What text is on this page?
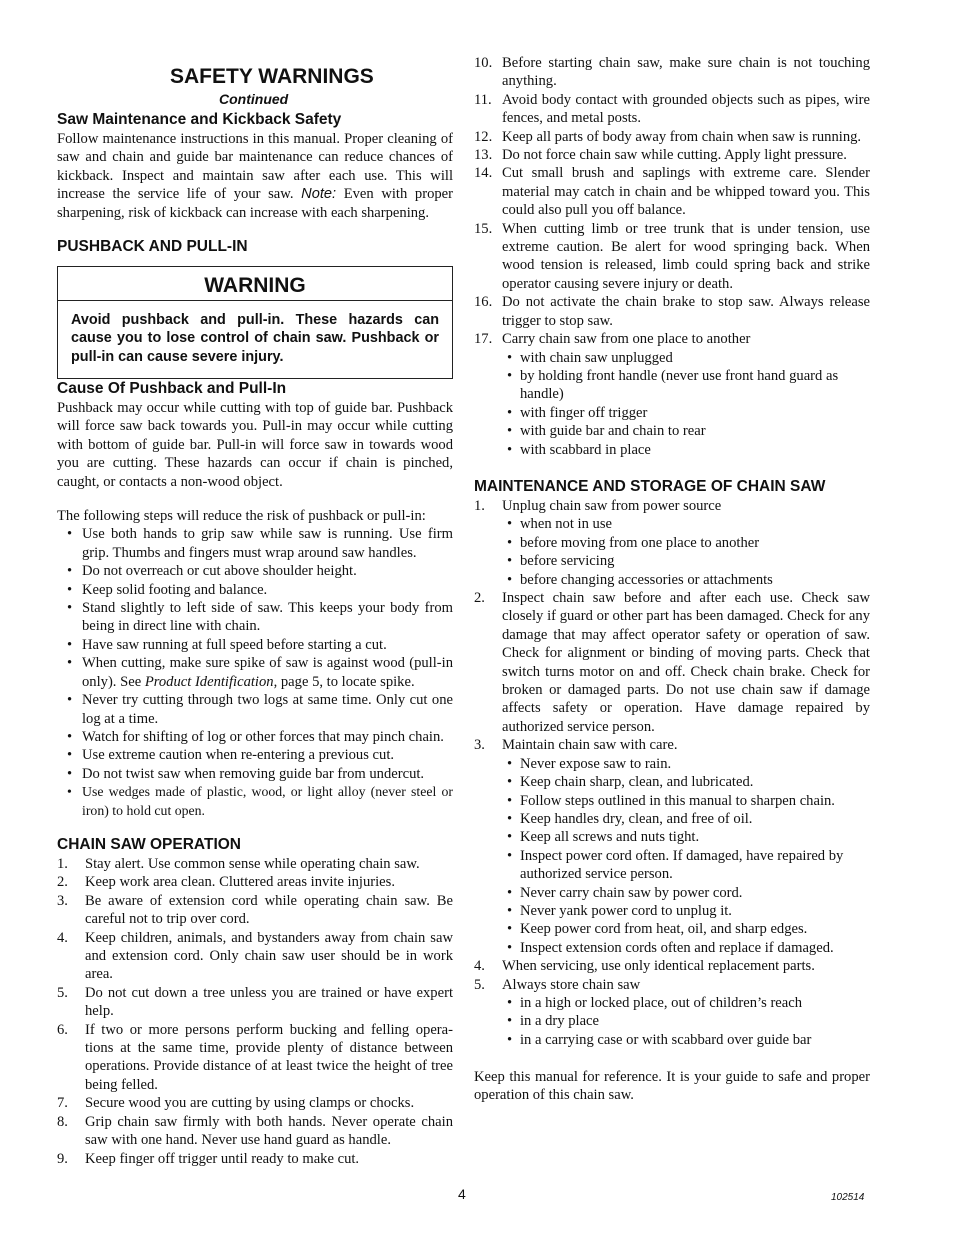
SAFETY WARNINGS
Continued
Saw Maintenance and Kickback Safety

Follow maintenance instructions in this manual. Proper cleaning of saw and chain and guide bar maintenance can reduce chances of kickback. Inspect and maintain saw after each use. This will increase the service life of your saw. Note: Even with proper sharpening, risk of kickback can increase with each sharpening.

PUSHBACK AND PULL-IN
WARNING
Avoid pushback and pull-in. These hazards can cause you to lose control of chain saw. Pushback or pull-in can cause severe injury.
Cause Of Pushback and Pull-In

Pushback may occur while cutting with top of guide bar. Pushback will force saw back towards you. Pull-in may occur while cutting with bottom of guide bar. Pull-in will force saw in towards wood you are cutting. These hazards can occur if chain is pinched, caught, or contacts a non-wood object.

The following steps will reduce the risk of pushback or pull-in:

• Use both hands to grip saw while saw is running. Use firm grip. Thumbs and fingers must wrap around saw handles.
• Do not overreach or cut above shoulder height.
• Keep solid footing and balance.
• Stand slightly to left side of saw. This keeps your body from being in direct line with chain.
• Have saw running at full speed before starting a cut.
• When cutting, make sure spike of saw is against wood (pull-in only). See Product Identification, page 5, to locate spike.
• Never try cutting through two logs at same time. Only cut one log at a time.
• Watch for shifting of log or other forces that may pinch chain.
• Use extreme caution when re-entering a previous cut.
• Do not twist saw when removing guide bar from undercut.
• Use wedges made of plastic, wood, or light alloy (never steel or iron) to hold cut open.
CHAIN SAW OPERATION
1. Stay alert. Use common sense while operating chain saw.
2. Keep work area clean. Cluttered areas invite injuries.
3. Be aware of extension cord while operating chain saw. Be careful not to trip over cord.
4. Keep children, animals, and bystanders away from chain saw and extension cord. Only chain saw user should be in work area.
5. Do not cut down a tree unless you are trained or have expert help.
6. If two or more persons perform bucking and felling opera-tions at the same time, provide plenty of distance between operations. Provide distance of at least twice the height of tree being felled.
7. Secure wood you are cutting by using clamps or chocks.
8. Grip chain saw firmly with both hands. Never operate chain saw with one hand. Never use hand guard as handle.
9. Keep finger off trigger until ready to make cut.
10. Before starting chain saw, make sure chain is not touching anything.
11. Avoid body contact with grounded objects such as pipes, wire fences, and metal posts.
12. Keep all parts of body away from chain when saw is running.
13. Do not force chain saw while cutting. Apply light pressure.
14. Cut small brush and saplings with extreme care. Slender material may catch in chain and be whipped toward you. This could also pull you off balance.
15. When cutting limb or tree trunk that is under tension, use extreme caution. Be alert for wood springing back. When wood tension is released, limb could spring back and strike operator causing severe injury or death.
16. Do not activate the chain brake to stop saw. Always release trigger to stop saw.
17. Carry chain saw from one place to another
• with chain saw unplugged
• by holding front handle (never use front hand guard as handle)
• with finger off trigger
• with guide bar and chain to rear
• with scabbard in place
MAINTENANCE AND STORAGE OF CHAIN SAW
1. Unplug chain saw from power source
• when not in use
• before moving from one place to another
• before servicing
• before changing accessories or attachments
2. Inspect chain saw before and after each use. Check saw closely if guard or other part has been damaged. Check for any damage that may affect operator safety or operation of saw. Check for alignment or binding of moving parts. Check that switch turns motor on and off. Check chain brake. Check for broken or damaged parts. Do not use chain saw if damage affects safety or operation. Have damage repaired by authorized service person.
3. Maintain chain saw with care.
• Never expose saw to rain.
• Keep chain sharp, clean, and lubricated.
• Follow steps outlined in this manual to sharpen chain.
• Keep handles dry, clean, and free of oil.
• Keep all screws and nuts tight.
• Inspect power cord often. If damaged, have repaired by authorized service person.
• Never carry chain saw by power cord.
• Never yank power cord to unplug it.
• Keep power cord from heat, oil, and sharp edges.
• Inspect extension cords often and replace if damaged.
4. When servicing, use only identical replacement parts.
5. Always store chain saw
• in a high or locked place, out of children’s reach
• in a dry place
• in a carrying case or with scabbard over guide bar

Keep this manual for reference. It is your guide to safe and proper operation of this chain saw.

4	102514
